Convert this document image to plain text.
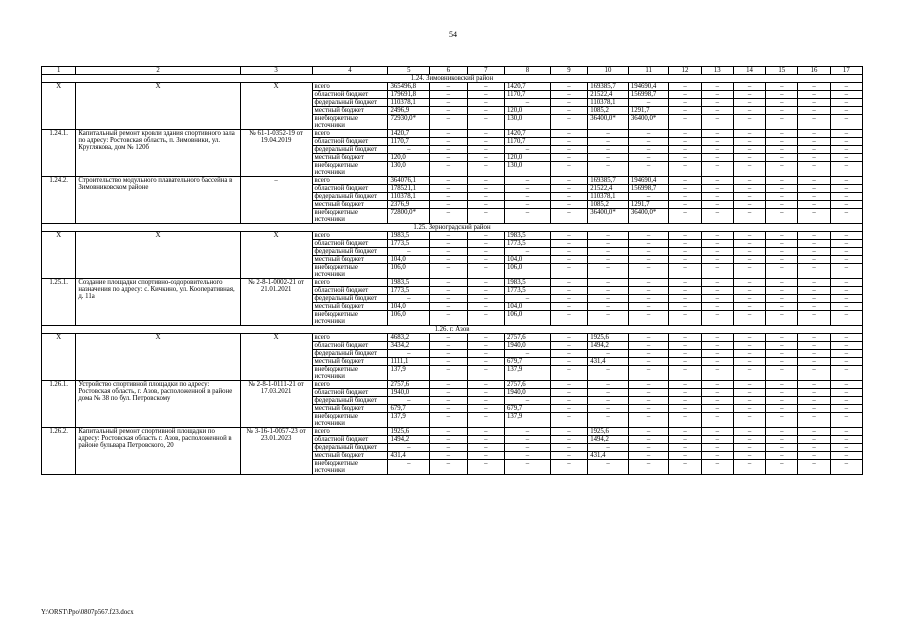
54
1	2	3	4	5	6	7	8	9	10	11	12	13	14	15	16	17
1.24. Зимовниковский район																
Х	Х	Х	всего	365496,8	–	–	1420,7	–	169385,7	194690,4	–	–	–	–	–	–
			областной бюджет	179691,8	–	–	1170,7	–	21522,4	156998,7	–	–	–	–	–	–
			федеральный бюджет	110378,1	–	–	–	–	110378,1	–	–	–	–	–	–	–
			местный бюджет	2496,9	–	–	120,0	–	1085,2	1291,7	–	–	–	–	–	–
			внебюджетные источники	72930,0*	–	–	130,0	–	36400,0*	36400,0*	–	–	–	–	–	–
1.24.1.	Капитальный ремонт кровли здания спортивного зала по адресу: Ростовская область, п. Зимовники, ул. Круглякова, дом № 120б	№ 61-1-0352-19 от 19.04.2019	всего	1420,7	–	–	1420,7	–	–	–	–	–	–	–	–	–
			областной бюджет	1170,7	–	–	1170,7	–	–	–	–	–	–	–	–	–
			федеральный бюджет	–	–	–	–	–	–	–	–	–	–	–	–	–
			местный бюджет	120,0	–	–	120,0	–	–	–	–	–	–	–	–	–
			внебюджетные источники	130,0	–	–	130,0	–	–	–	–	–	–	–	–	–
1.24.2.	Строительство модульного плавательного бассейна в Зимовниковском районе	–	всего	364076,1	–	–	–	–	169385,7	194690,4	–	–	–	–	–	–
			областной бюджет	178521,1	–	–	–	–	21522,4	156998,7	–	–	–	–	–	–
			федеральный бюджет	110378,1	–	–	–	–	110378,1	–	–	–	–	–	–	–
			местный бюджет	2376,9	–	–	–	–	1085,2	1291,7	–	–	–	–	–	–
			внебюджетные источники	72800,0*	–	–	–	–	36400,0*	36400,0*	–	–	–	–	–	–
1.25. Зерноградский район																
Х	Х	Х	всего	1983,5	–	–	1983,5	–	–	–	–	–	–	–	–	–
			областной бюджет	1773,5	–	–	1773,5	–	–	–	–	–	–	–	–	–
			федеральный бюджет	–	–	–	–	–	–	–	–	–	–	–	–	–
			местный бюджет	104,0	–	–	104,0	–	–	–	–	–	–	–	–	–
			внебюджетные источники	106,0	–	–	106,0	–	–	–	–	–	–	–	–	–
1.25.1.	Создание площадки спортивно-оздоровительного назначения по адресу: с. Кичкино, ул. Кооперативная, д. 11а	№ 2-8-1-0002-21 от 21.01.2021	всего	1983,5	–	–	1983,5	–	–	–	–	–	–	–	–	–
			областной бюджет	1773,5	–	–	1773,5	–	–	–	–	–	–	–	–	–
			федеральный бюджет	–	–	–	–	–	–	–	–	–	–	–	–	–
			местный бюджет	104,0	–	–	104,0	–	–	–	–	–	–	–	–	–
			внебюджетные источники	106,0	–	–	106,0	–	–	–	–	–	–	–	–	–
1.26. г. Азов																
Х	Х	Х	всего	4683,2	–	–	2757,6	–	1925,6	–	–	–	–	–	–	–
			областной бюджет	3434,2	–	–	1940,0	–	1494,2	–	–	–	–	–	–	–
			федеральный бюджет	–	–	–	–	–	–	–	–	–	–	–	–	–
			местный бюджет	1111,1	–	–	679,7	–	431,4	–	–	–	–	–	–	–
			внебюджетные источники	137,9	–	–	137,9	–	–	–	–	–	–	–	–	–
1.26.1.	Устройство спортивной площадки по адресу: Ростовская область, г. Азов, расположенной в районе дома № 38 по бул. Петровскому	№ 2-8-1-0111-21 от 17.03.2021	всего	2757,6	–	–	2757,6	–	–	–	–	–	–	–	–	–
			областной бюджет	1940,0	–	–	1940,0	–	–	–	–	–	–	–	–	–
			федеральный бюджет	–	–	–	–	–	–	–	–	–	–	–	–	–
			местный бюджет	679,7	–	–	679,7	–	–	–	–	–	–	–	–	–
			внебюджетные источники	137,9	–	–	137,9	–	–	–	–	–	–	–	–	–
1.26.2.	Капитальный ремонт спортивной площадки по адресу: Ростовская область г. Азов, расположенной в районе бульвара Петровского, 20	№ 3-16-1-0057-23 от 23.01.2023	всего	1925,6	–	–	–	–	1925,6	–	–	–	–	–	–	–
			областной бюджет	1494,2	–	–	–	–	1494,2	–	–	–	–	–	–	–
			федеральный бюджет	–	–	–	–	–	–	–	–	–	–	–	–	–
			местный бюджет	431,4	–	–	–	–	431,4	–	–	–	–	–	–	–
			внебюджетные источники	–	–	–	–	–	–	–	–	–	–	–	–	–
Y:\ORST\Ppo\0807p567.f23.docx
